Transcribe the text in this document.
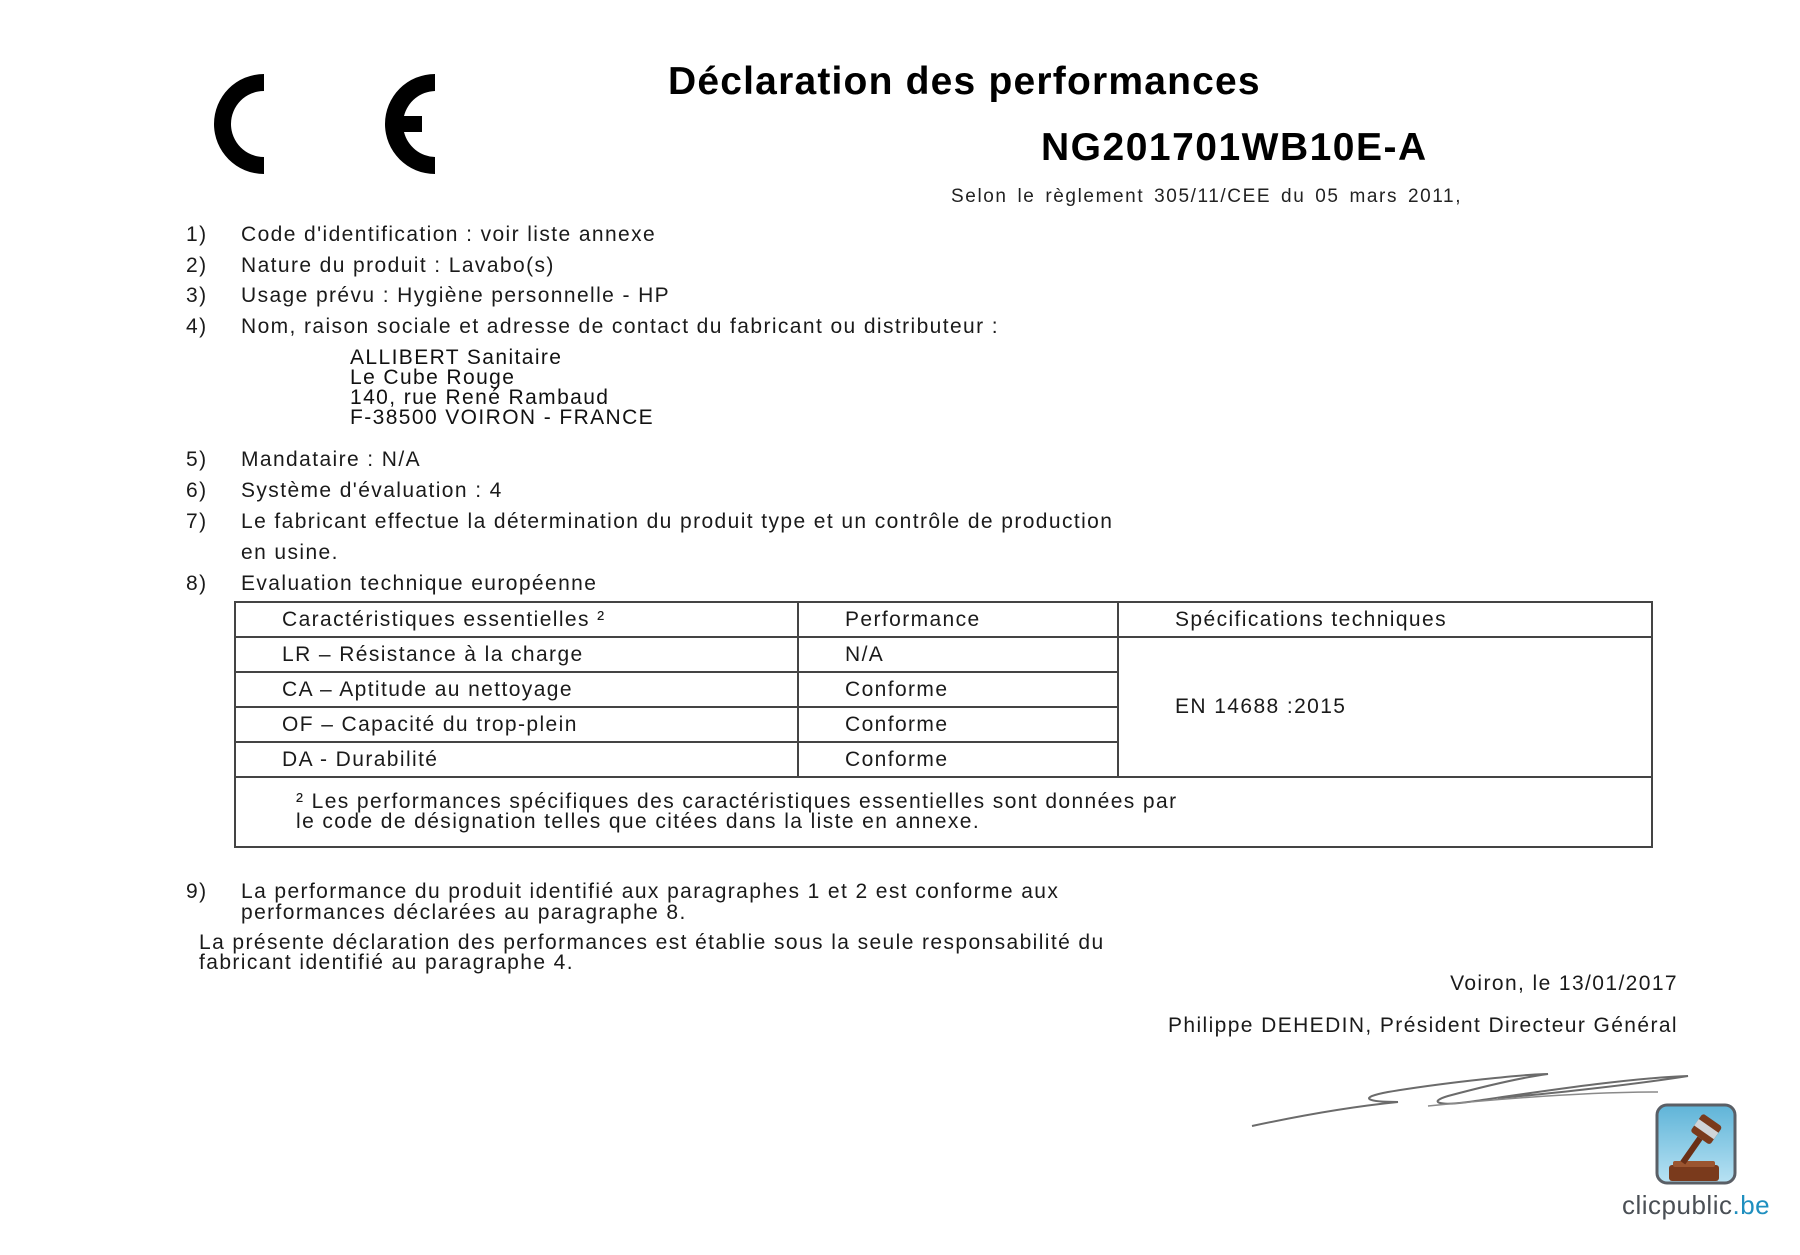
Déclaration des performances
NG201701WB10E-A
Selon le règlement 305/11/CEE du 05 mars 2011,
1) Code d'identification : voir liste annexe
2) Nature du produit : Lavabo(s)
3) Usage prévu : Hygiène personnelle - HP
4) Nom, raison sociale et adresse de contact du fabricant ou distributeur :
ALLIBERT Sanitaire
Le Cube Rouge
140, rue René Rambaud
F-38500 VOIRON - FRANCE
5) Mandataire : N/A
6) Système d'évaluation : 4
7) Le fabricant effectue la détermination du produit type et un contrôle de production
en usine.
8) Evaluation technique européenne
Caractéristiques essentielles ²	Performance	Spécifications techniques
LR – Résistance à la charge	N/A	EN 14688 :2015
CA – Aptitude au nettoyage	Conforme	
OF – Capacité du trop-plein	Conforme	
DA - Durabilité	Conforme	

² Les performances spécifiques des caractéristiques essentielles sont données par
le code de désignation telles que citées dans la liste en annexe.		
9) La performance du produit identifié aux paragraphes 1 et 2 est conforme aux
performances déclarées au paragraphe 8.
La présente déclaration des performances est établie sous la seule responsabilité du
fabricant identifié au paragraphe 4.
Voiron, le 13/01/2017
Philippe DEHEDIN, Président Directeur Général
clicpublic.be
